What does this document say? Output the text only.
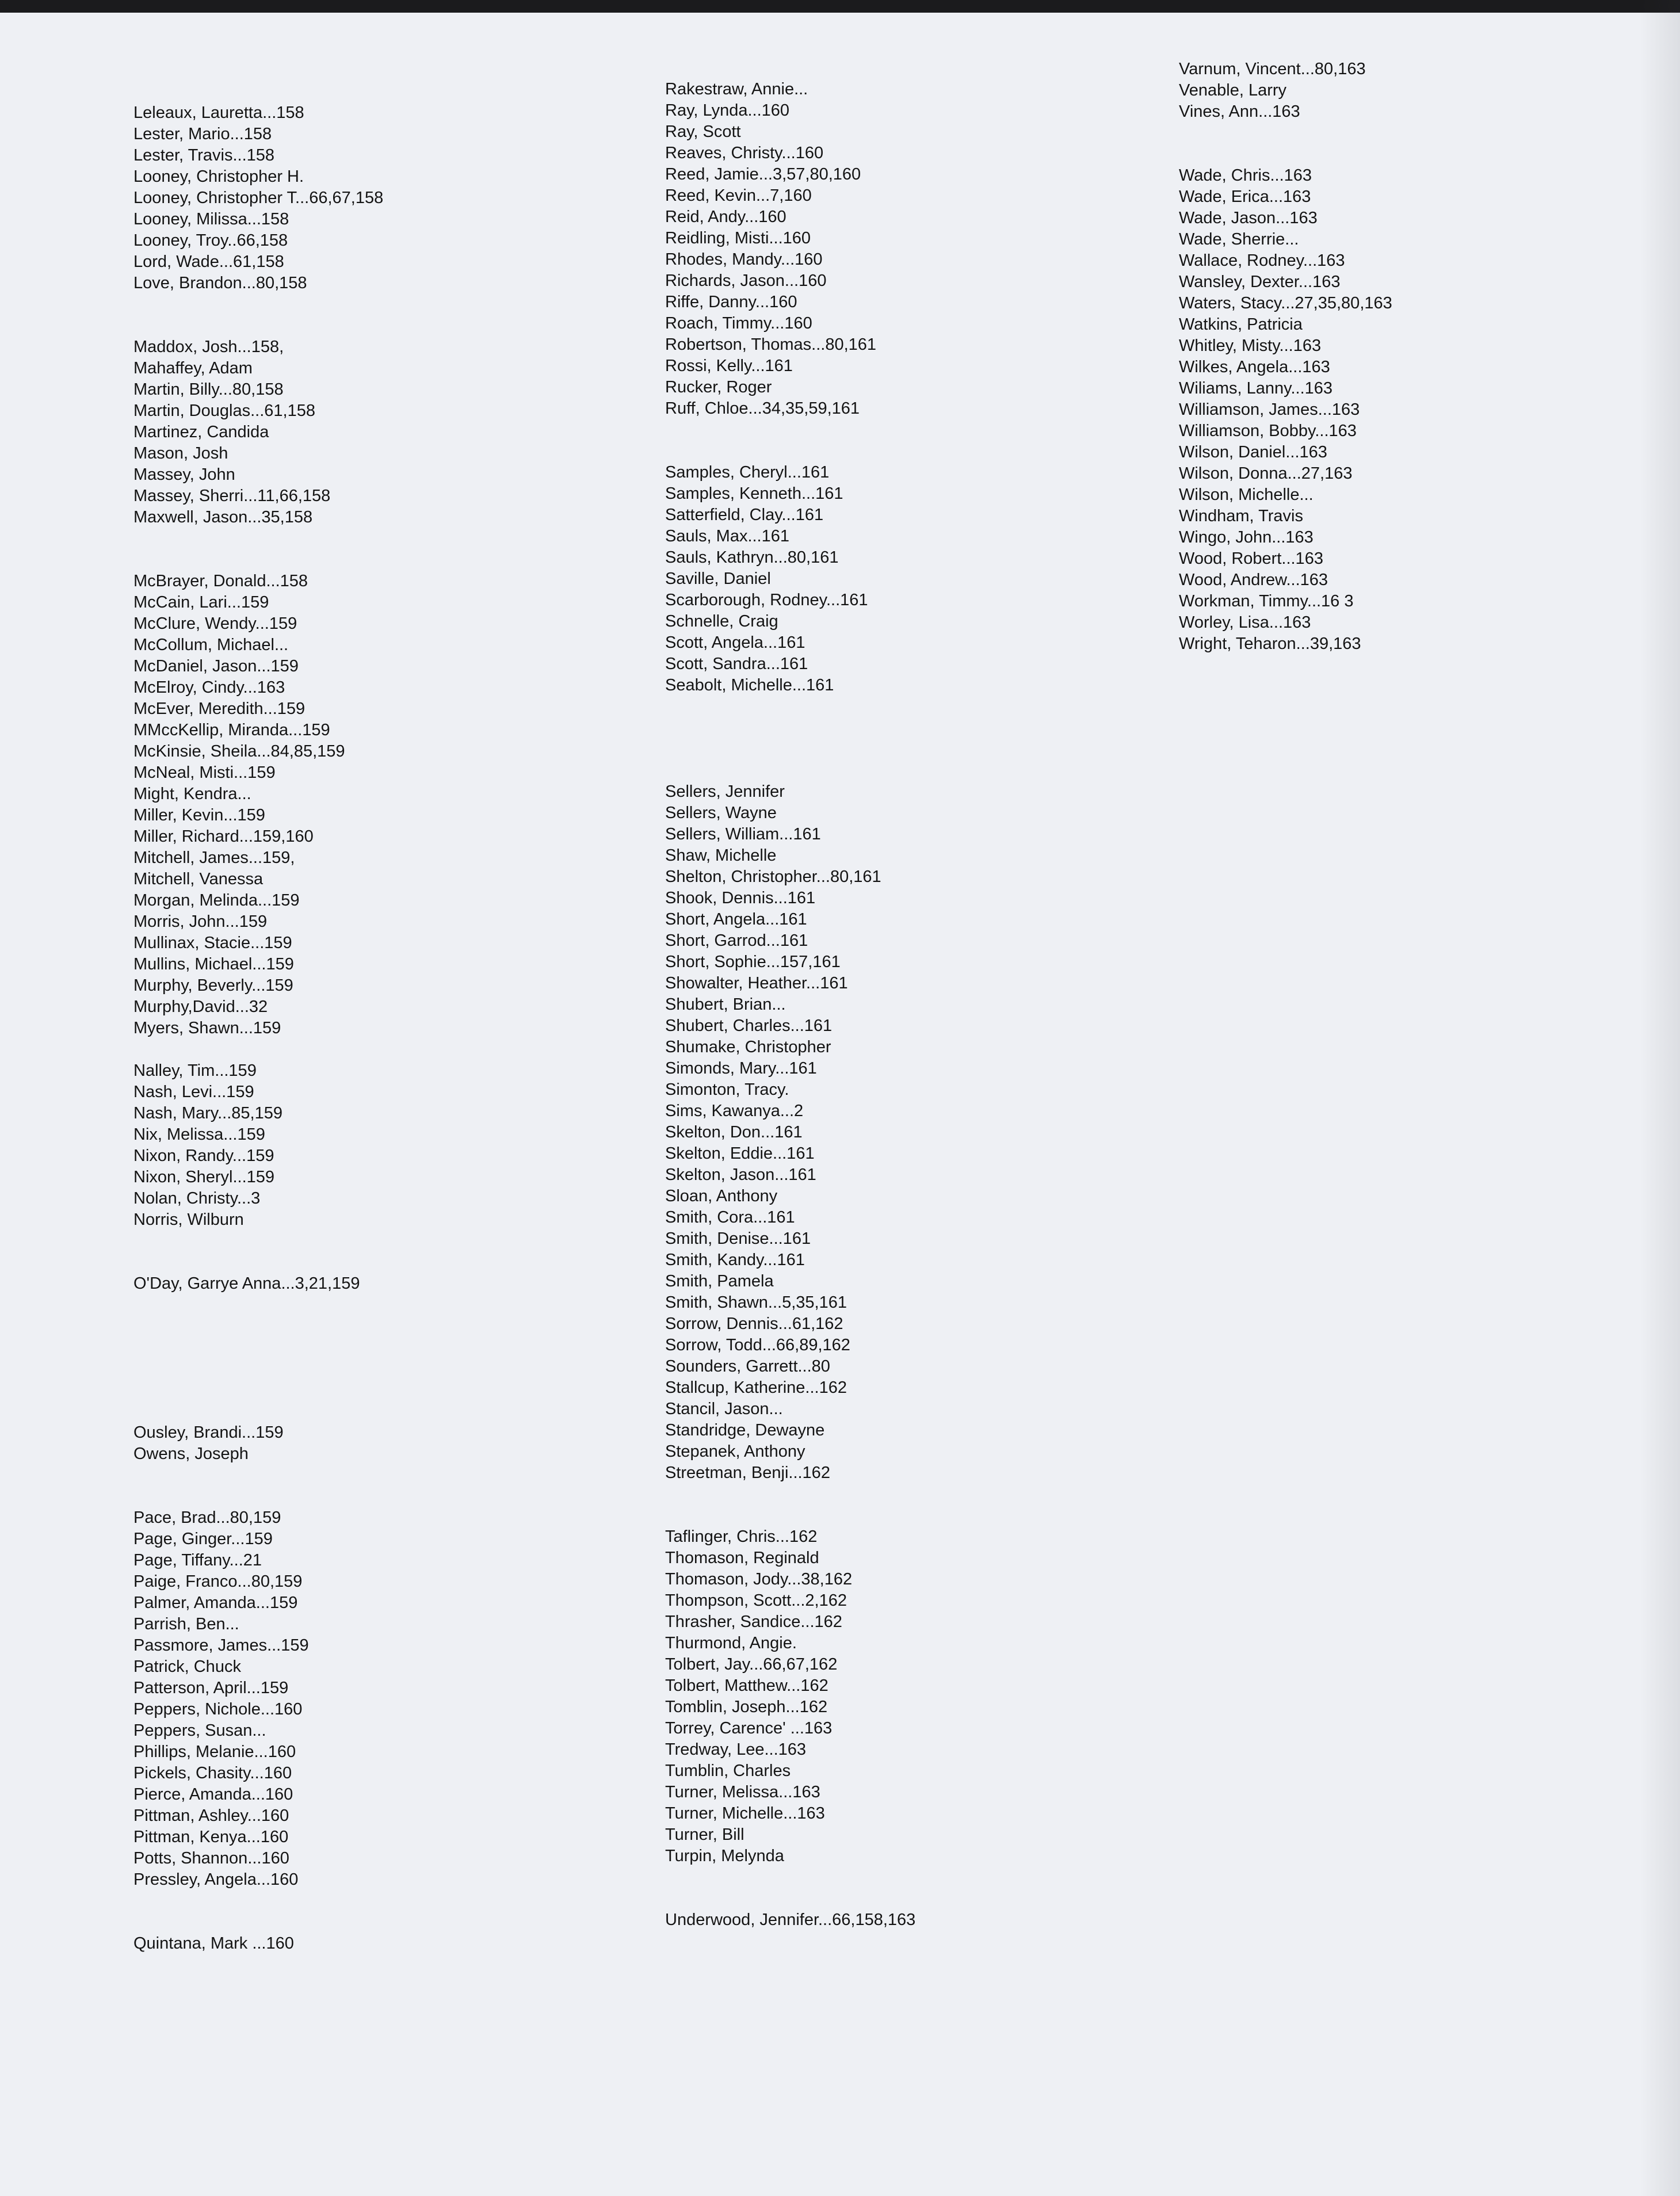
Leleaux, Lauretta...158
Lester, Mario...158
Lester, Travis...158
Looney, Christopher H.
Looney, Christopher T...66,67,158
Looney, Milissa...158
Looney, Troy..66,158
Lord, Wade...61,158
Love, Brandon...80,158
Maddox, Josh...158,
Mahaffey, Adam
Martin, Billy...80,158
Martin, Douglas...61,158
Martinez, Candida
Mason, Josh
Massey, John
Massey, Sherri...11,66,158
Maxwell, Jason...35,158
McBrayer, Donald...158
McCain, Lari...159
McClure, Wendy...159
McCollum, Michael...
McDaniel, Jason...159
McElroy, Cindy...163
McEver, Meredith...159
MMccKellip, Miranda...159
McKinsie, Sheila...84,85,159
McNeal, Misti...159
Might, Kendra...
Miller, Kevin...159
Miller, Richard...159,160
Mitchell, James...159,
Mitchell, Vanessa
Morgan, Melinda...159
Morris, John...159
Mullinax, Stacie...159
Mullins, Michael...159
Murphy, Beverly...159
Murphy,David...32
Myers, Shawn...159
Nalley, Tim...159
Nash, Levi...159
Nash, Mary...85,159
Nix, Melissa...159
Nixon, Randy...159
Nixon, Sheryl...159
Nolan, Christy...3
Norris, Wilburn
O'Day, Garrye Anna...3,21,159
Ousley, Brandi...159
Owens, Joseph
Pace, Brad...80,159
Page, Ginger...159
Page, Tiffany...21
Paige, Franco...80,159
Palmer, Amanda...159
Parrish, Ben...
Passmore, James...159
Patrick, Chuck
Patterson, April...159
Peppers, Nichole...160
Peppers, Susan...
Phillips, Melanie...160
Pickels, Chasity...160
Pierce, Amanda...160
Pittman, Ashley...160
Pittman, Kenya...160
Potts, Shannon...160
Pressley, Angela...160
Quintana, Mark ...160
Rakestraw, Annie...
Ray, Lynda...160
Ray, Scott
Reaves, Christy...160
Reed, Jamie...3,57,80,160
Reed, Kevin...7,160
Reid, Andy...160
Reidling, Misti...160
Rhodes, Mandy...160
Richards, Jason...160
Riffe, Danny...160
Roach, Timmy...160
Robertson, Thomas...80,161
Rossi, Kelly...161
Rucker, Roger
Ruff, Chloe...34,35,59,161
Samples, Cheryl...161
Samples, Kenneth...161
Satterfield, Clay...161
Sauls, Max...161
Sauls, Kathryn...80,161
Saville, Daniel
Scarborough, Rodney...161
Schnelle, Craig
Scott, Angela...161
Scott, Sandra...161
Seabolt, Michelle...161
Sellers, Jennifer
Sellers, Wayne
Sellers, William...161
Shaw, Michelle
Shelton, Christopher...80,161
Shook, Dennis...161
Short, Angela...161
Short, Garrod...161
Short, Sophie...157,161
Showalter, Heather...161
Shubert, Brian...
Shubert, Charles...161
Shumake, Christopher
Simonds, Mary...161
Simonton, Tracy.
Sims, Kawanya...2
Skelton, Don...161
Skelton, Eddie...161
Skelton, Jason...161
Sloan, Anthony
Smith, Cora...161
Smith, Denise...161
Smith, Kandy...161
Smith, Pamela
Smith, Shawn...5,35,161
Sorrow, Dennis...61,162
Sorrow, Todd...66,89,162
Sounders, Garrett...80
Stallcup, Katherine...162
Stancil, Jason...
Standridge, Dewayne
Stepanek, Anthony
Streetman, Benji...162
Taflinger, Chris...162
Thomason, Reginald
Thomason, Jody...38,162
Thompson, Scott...2,162
Thrasher, Sandice...162
Thurmond, Angie.
Tolbert, Jay...66,67,162
Tolbert, Matthew...162
Tomblin, Joseph...162
Torrey, Carence' ...163
Tredway, Lee...163
Tumblin, Charles
Turner, Melissa...163
Turner, Michelle...163
Turner, Bill
Turpin, Melynda
Underwood, Jennifer...66,158,163
Varnum, Vincent...80,163
Venable, Larry
Vines, Ann...163
Wade, Chris...163
Wade, Erica...163
Wade, Jason...163
Wade, Sherrie...
Wallace, Rodney...163
Wansley, Dexter...163
Waters, Stacy...27,35,80,163
Watkins, Patricia
Whitley, Misty...163
Wilkes, Angela...163
Wiliams, Lanny...163
Williamson, James...163
Williamson, Bobby...163
Wilson, Daniel...163
Wilson, Donna...27,163
Wilson, Michelle...
Windham, Travis
Wingo, John...163
Wood, Robert...163
Wood, Andrew...163
Workman, Timmy...16 3
Worley, Lisa...163
Wright, Teharon...39,163
